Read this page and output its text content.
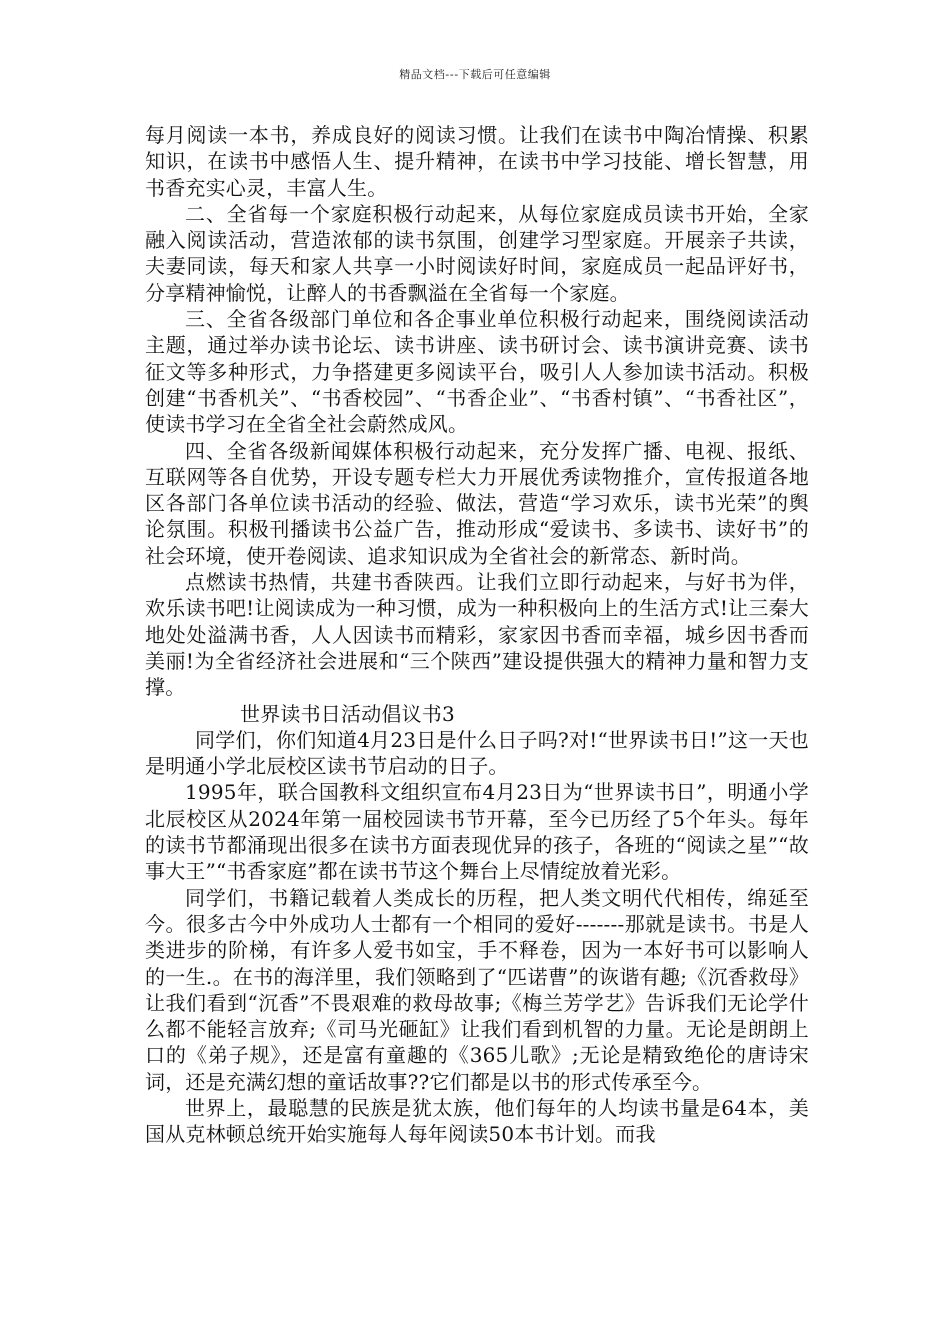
精品文档---下载后可任意编辑

每月阅读一本书，养成良好的阅读习惯。让我们在读书中陶冶情操、积累知识，在读书中感悟人生、提升精神，在读书中学习技能、增长智慧，用书香充实心灵，丰富人生。

二、全省每一个家庭积极行动起来，从每位家庭成员读书开始，全家融入阅读活动，营造浓郁的读书氛围，创建学习型家庭。开展亲子共读，夫妻同读，每天和家人共享一小时阅读好时间，家庭成员一起品评好书，分享精神愉悦，让醉人的书香飘溢在全省每一个家庭。

三、全省各级部门单位和各企事业单位积极行动起来，围绕阅读活动主题，通过举办读书论坛、读书讲座、读书研讨会、读书演讲竞赛、读书征文等多种形式，力争搭建更多阅读平台，吸引人人参加读书活动。积极创建“书香机关”、“书香校园”、“书香企业”、“书香村镇”、“书香社区”，使读书学习在全省全社会蔚然成风。

四、全省各级新闻媒体积极行动起来，充分发挥广播、电视、报纸、互联网等各自优势，开设专题专栏大力开展优秀读物推介，宣传报道各地区各部门各单位读书活动的经验、做法，营造“学习欢乐，读书光荣”的舆论氛围。积极刊播读书公益广告，推动形成“爱读书、多读书、读好书”的社会环境，使开卷阅读、追求知识成为全省社会的新常态、新时尚。

点燃读书热情，共建书香陕西。让我们立即行动起来，与好书为伴，欢乐读书吧!让阅读成为一种习惯，成为一种积极向上的生活方式!让三秦大地处处溢满书香，人人因读书而精彩，家家因书香而幸福，城乡因书香而美丽!为全省经济社会进展和“三个陕西”建设提供强大的精神力量和智力支撑。

世界读书日活动倡议书3

同学们，你们知道4月23日是什么日子吗?对!“世界读书日!”这一天也是明通小学北辰校区读书节启动的日子。

1995年，联合国教科文组织宣布4月23日为“世界读书日”，明通小学北辰校区从2024年第一届校园读书节开幕，至今已历经了5个年头。每年的读书节都涌现出很多在读书方面表现优异的孩子，各班的“阅读之星”“故事大王”“书香家庭”都在读书节这个舞台上尽情绽放着光彩。

同学们，书籍记载着人类成长的历程，把人类文明代代相传，绵延至今。很多古今中外成功人士都有一个相同的爱好-------那就是读书。书是人类进步的阶梯，有许多人爱书如宝，手不释卷，因为一本好书可以影响人的一生.。在书的海洋里，我们领略到了“匹诺曹”的诙谐有趣;《沉香救母》让我们看到“沉香”不畏艰难的救母故事;《梅兰芳学艺》告诉我们无论学什么都不能轻言放弃;《司马光砸缸》让我们看到机智的力量。无论是朗朗上口的《弟子规》，还是富有童趣的《365儿歌》;无论是精致绝伦的唐诗宋词，还是充满幻想的童话故事??它们都是以书的形式传承至今。

世界上，最聪慧的民族是犹太族，他们每年的人均读书量是64本，美国从克林顿总统开始实施每人每年阅读50本书计划。而我
